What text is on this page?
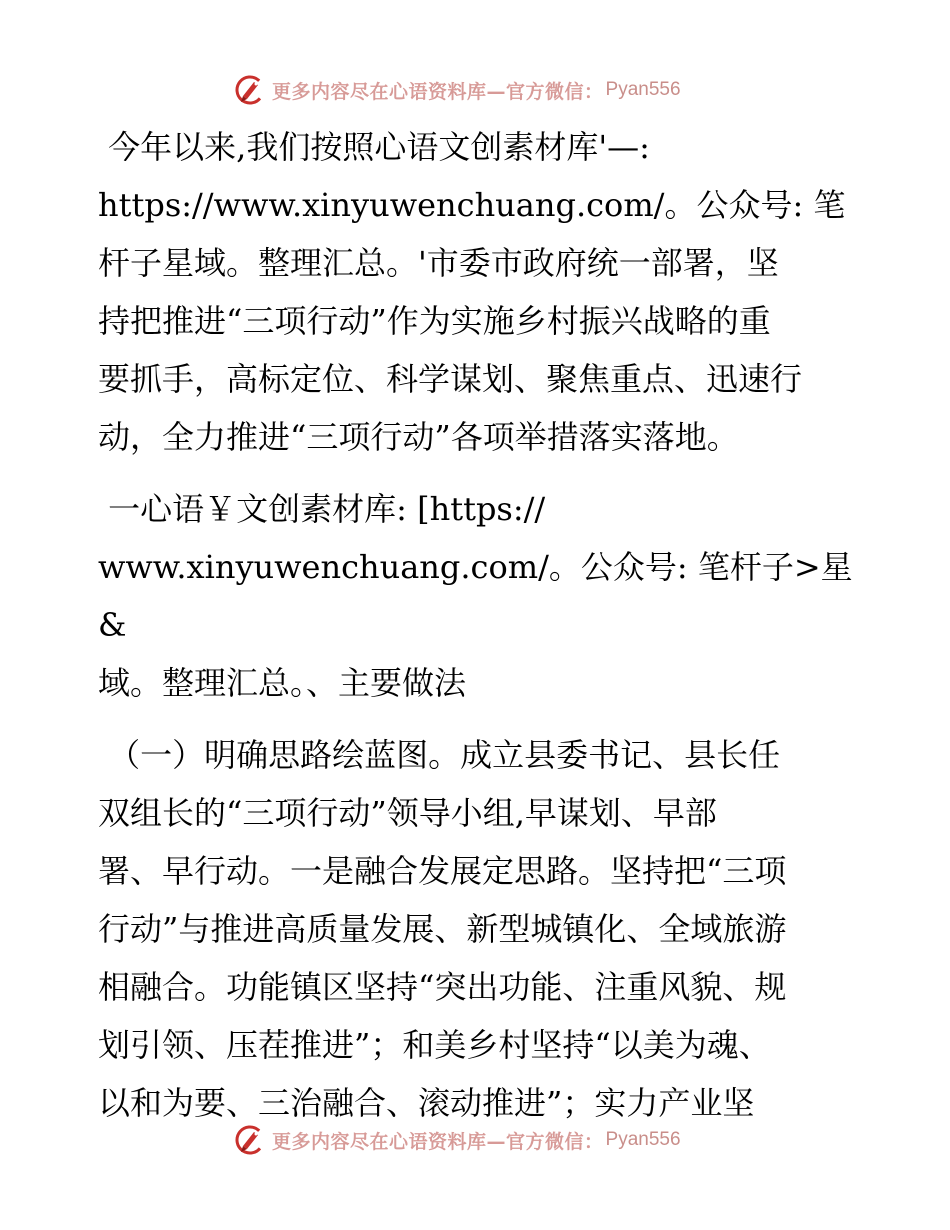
更多内容尽在心语资料库—官方微信： Pyan556

今年以来,我们按照心语文创素材库'—:
https://www.xinyuwenchuang.com/。公众号: 笔
杆子星域。整理汇总。'市委市政府统一部署，坚
持把推进“三项行动”作为实施乡村振兴战略的重
要抓手，高标定位、科学谋划、聚焦重点、迅速行
动，全力推进“三项行动”各项举措落实落地。

一心语￥文创素材库: [https://
www.xinyuwenchuang.com/。公众号: 笔杆子>星&
域。整理汇总。、主要做法

（一）明确思路绘蓝图。成立县委书记、县长任
双组长的“三项行动”领导小组,早谋划、早部
署、早行动。一是融合发展定思路。坚持把“三项
行动”与推进高质量发展、新型城镇化、全域旅游
相融合。功能镇区坚持“突出功能、注重风貌、规
划引领、压茬推进”；和美乡村坚持“以美为魂、
以和为要、三治融合、滚动推进”；实力产业坚

更多内容尽在心语资料库—官方微信： Pyan556
